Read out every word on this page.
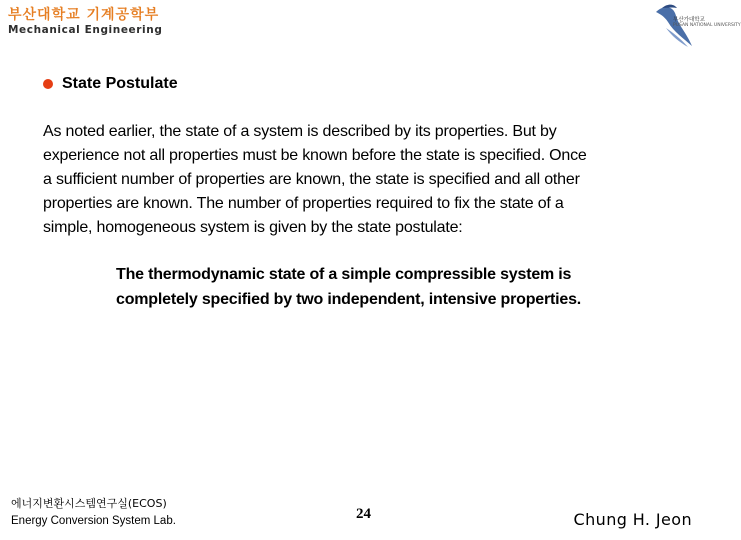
부산대학교 기계공학부
Mechanical Engineering
부산가대학교
PUSAN NATIONAL UNIVERSITY
State Postulate
As noted earlier, the state of a system is described by its properties. But by
experience not all properties must be known before the state is specified. Once
a sufficient number of properties are known, the state is specified and all other
properties are known. The number of properties required to fix the state of a
simple, homogeneous system is given by the state postulate:
The thermodynamic state of a simple compressible system is
completely specified by two independent, intensive properties.
에너지변환시스템연구실(ECOS)
Energy Conversion System Lab.	24	Chung H. Jeon
